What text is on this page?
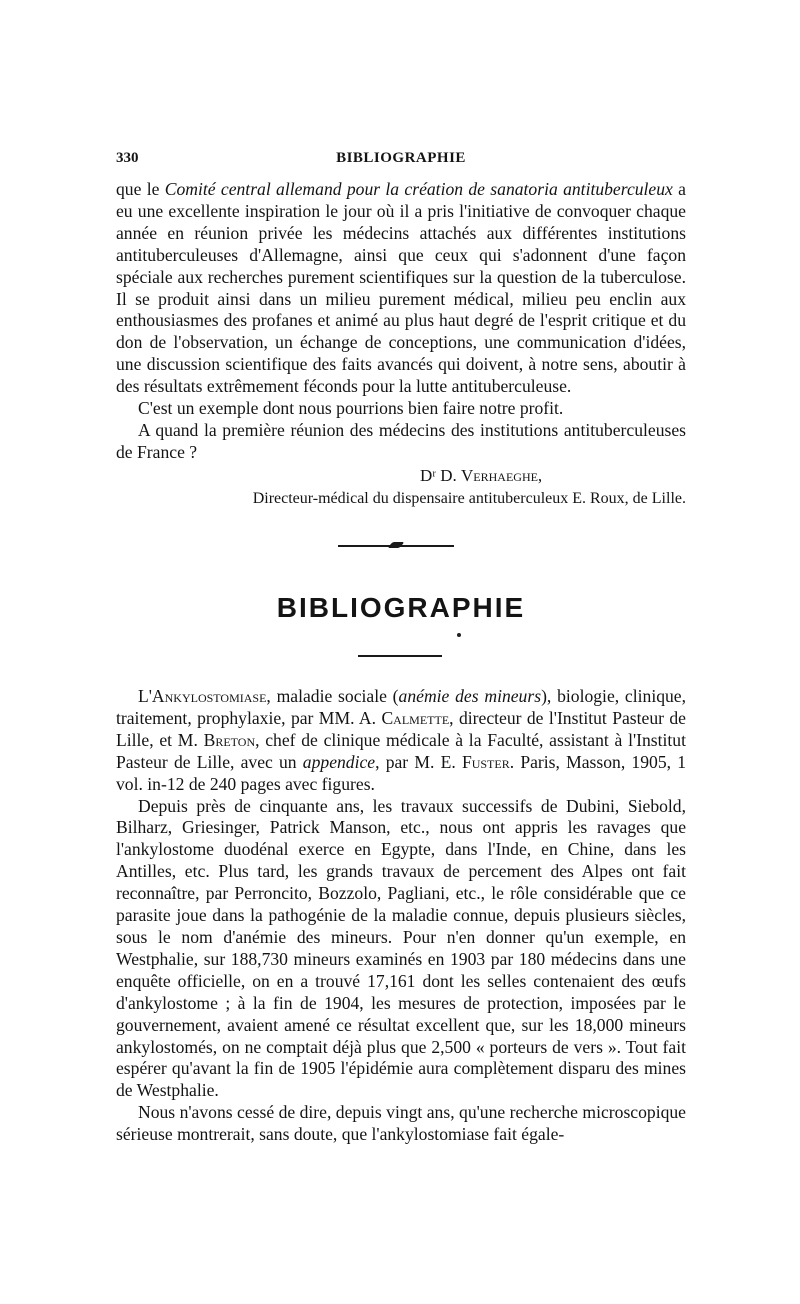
330	BIBLIOGRAPHIE

que le Comité central allemand pour la création de sanatoria antituberculeux a eu une excellente inspiration le jour où il a pris l'initiative de convoquer chaque année en réunion privée les médecins attachés aux différentes institutions antituberculeuses d'Allemagne, ainsi que ceux qui s'adonnent d'une façon spéciale aux recherches purement scientifiques sur la question de la tuberculose. Il se produit ainsi dans un milieu purement médical, milieu peu enclin aux enthousiasmes des profanes et animé au plus haut degré de l'esprit critique et du don de l'observation, un échange de conceptions, une communication d'idées, une discussion scientifique des faits avancés qui doivent, à notre sens, aboutir à des résultats extrêmement féconds pour la lutte antituberculeuse.

C'est un exemple dont nous pourrions bien faire notre profit.

A quand la première réunion des médecins des institutions antituberculeuses de France ?

Dʳ D. Verhaeghe,
Directeur-médical du dispensaire antituberculeux E. Roux, de Lille.
BIBLIOGRAPHIE

L'Ankylostomiase, maladie sociale (anémie des mineurs), biologie, clinique, traitement, prophylaxie, par MM. A. Calmette, directeur de l'Institut Pasteur de Lille, et M. Breton, chef de clinique médicale à la Faculté, assistant à l'Institut Pasteur de Lille, avec un appendice, par M. E. Fuster. Paris, Masson, 1905, 1 vol. in-12 de 240 pages avec figures.

Depuis près de cinquante ans, les travaux successifs de Dubini, Siebold, Bilharz, Griesinger, Patrick Manson, etc., nous ont appris les ravages que l'ankylostome duodénal exerce en Egypte, dans l'Inde, en Chine, dans les Antilles, etc. Plus tard, les grands travaux de percement des Alpes ont fait reconnaître, par Perroncito, Bozzolo, Pagliani, etc., le rôle considérable que ce parasite joue dans la pathogénie de la maladie connue, depuis plusieurs siècles, sous le nom d'anémie des mineurs. Pour n'en donner qu'un exemple, en Westphalie, sur 188,730 mineurs examinés en 1903 par 180 médecins dans une enquête officielle, on en a trouvé 17,161 dont les selles contenaient des œufs d'ankylostome ; à la fin de 1904, les mesures de protection, imposées par le gouvernement, avaient amené ce résultat excellent que, sur les 18,000 mineurs ankylostomés, on ne comptait déjà plus que 2,500 « porteurs de vers ». Tout fait espérer qu'avant la fin de 1905 l'épidémie aura complètement disparu des mines de Westphalie.

Nous n'avons cessé de dire, depuis vingt ans, qu'une recherche microscopique sérieuse montrerait, sans doute, que l'ankylostomiase fait égale-
